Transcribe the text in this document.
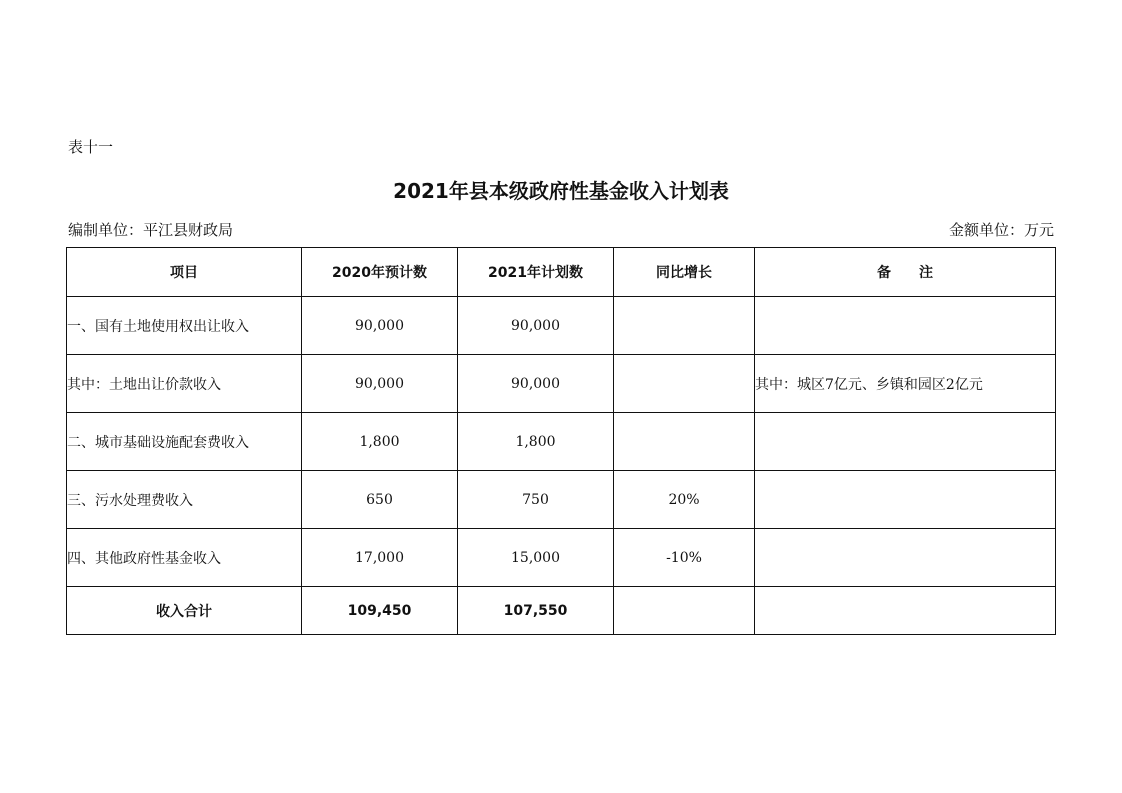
表十一
2021年县本级政府性基金收入计划表
编制单位：平江县财政局	金额单位：万元
项目	2020年预计数	2021年计划数	同比增长	备　　注
一、国有土地使用权出让收入	90,000	90,000		
其中：土地出让价款收入	90,000	90,000		其中：城区7亿元、乡镇和园区2亿元
二、城市基础设施配套费收入	1,800	1,800		
三、污水处理费收入	650	750	20%	
四、其他政府性基金收入	17,000	15,000	-10%	
收入合计	109,450	107,550		
